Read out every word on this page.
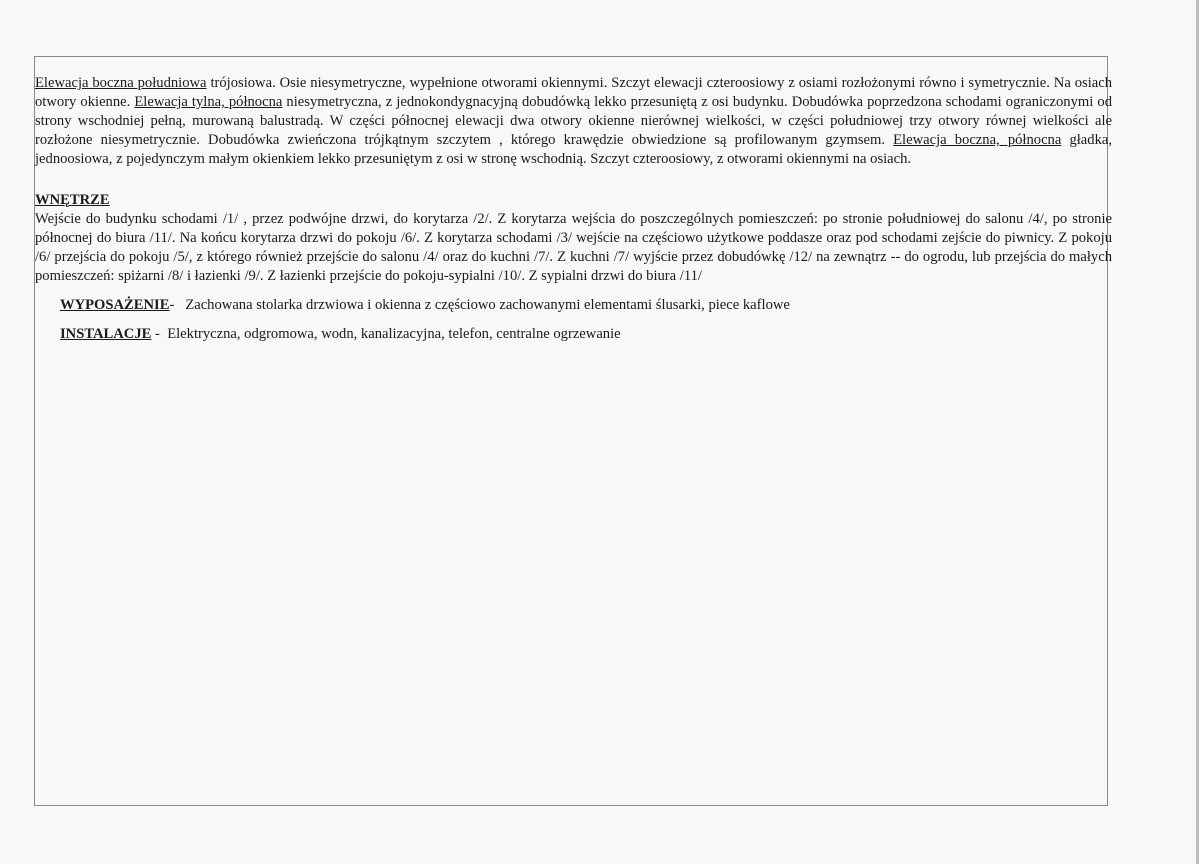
Elewacja boczna południowa trójosiowa. Osie niesymetryczne, wypełnione otworami okiennymi. Szczyt elewacji czteroosiowy z osiami rozłożonymi równo i symetrycznie. Na osiach otwory okienne. Elewacja tylna, północna niesymetryczna, z jednokondygnacyjną dobudówką lekko przesuniętą z osi budynku. Dobudówka poprzedzona schodami ograniczonymi od strony wschodniej pełną, murowaną balustradą. W części północnej elewacji dwa otwory okienne nierównej wielkości, w części południowej trzy otwory równej wielkości ale rozłożone niesymetrycznie. Dobudówka zwieńczona trójkątnym szczytem , którego krawędzie obwiedzione są profilowanym gzymsem. Elewacja boczna, północna gładka, jednoosiowa, z pojedynczym małym okienkiem lekko przesuniętym z osi w stronę wschodnią. Szczyt czteroosiowy, z otworami okiennymi na osiach.

WNĘTRZE

Wejście do budynku schodami /1/ , przez podwójne drzwi, do korytarza /2/. Z korytarza wejścia do poszczególnych pomieszczeń: po stronie południowej do salonu /4/, po stronie północnej do biura /11/. Na końcu korytarza drzwi do pokoju /6/. Z korytarza schodami /3/ wejście na częściowo użytkowe poddasze oraz pod schodami zejście do piwnicy. Z pokoju /6/ przejścia do pokoju /5/, z którego również przejście do salonu /4/ oraz do kuchni /7/. Z kuchni /7/ wyjście przez dobudówkę /12/ na zewnątrz -- do ogrodu, lub przejścia do małych pomieszczeń: spiżarni /8/ i łazienki /9/. Z łazienki przejście do pokoju-sypialni /10/. Z sypialni drzwi do biura /11/

WYPOSAŻENIE- Zachowana stolarka drzwiowa i okienna z częściowo zachowanymi elementami ślusarki, piece kaflowe
INSTALACJE -  Elektryczna, odgromowa, wodn, kanalizacyjna, telefon, centralne ogrzewanie
